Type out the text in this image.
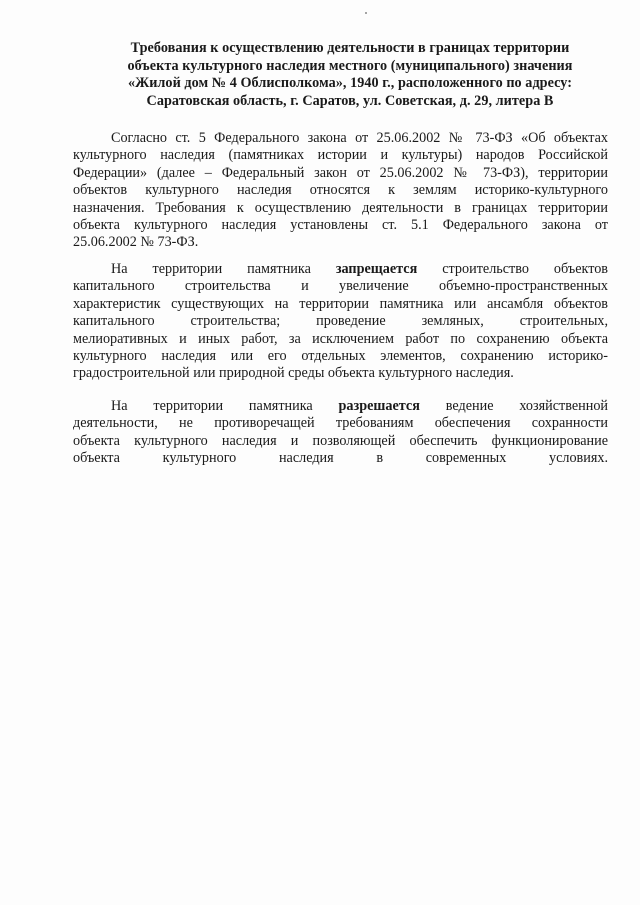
Требования к осуществлению деятельности в границах территории
объекта культурного наследия местного (муниципального) значения
«Жилой дом № 4 Облисполкома», 1940 г., расположенного по адресу:
Саратовская область, г. Саратов, ул. Советская, д. 29, литера В
Согласно ст. 5 Федерального закона от 25.06.2002 № 73-ФЗ «Об объектах
культурного наследия (памятниках истории и культуры) народов Российской
Федерации» (далее – Федеральный закон от 25.06.2002 № 73-ФЗ), территории
объектов культурного наследия относятся к землям историко-культурного
назначения. Требования к осуществлению деятельности в границах территории
объекта культурного наследия установлены ст. 5.1 Федерального закона от
25.06.2002 № 73-ФЗ.
На территории памятника запрещается строительство объектов
капитального строительства и увеличение объемно-пространственных
характеристик существующих на территории памятника или ансамбля объектов
капитального строительства; проведение земляных, строительных,
мелиоративных и иных работ, за исключением работ по сохранению объекта
культурного наследия или его отдельных элементов, сохранению историко-
градостроительной или природной среды объекта культурного наследия.
На территории памятника разрешается ведение хозяйственной
деятельности, не противоречащей требованиям обеспечения сохранности
объекта культурного наследия и позволяющей обеспечить функционирование
объекта культурного наследия в современных условиях.
